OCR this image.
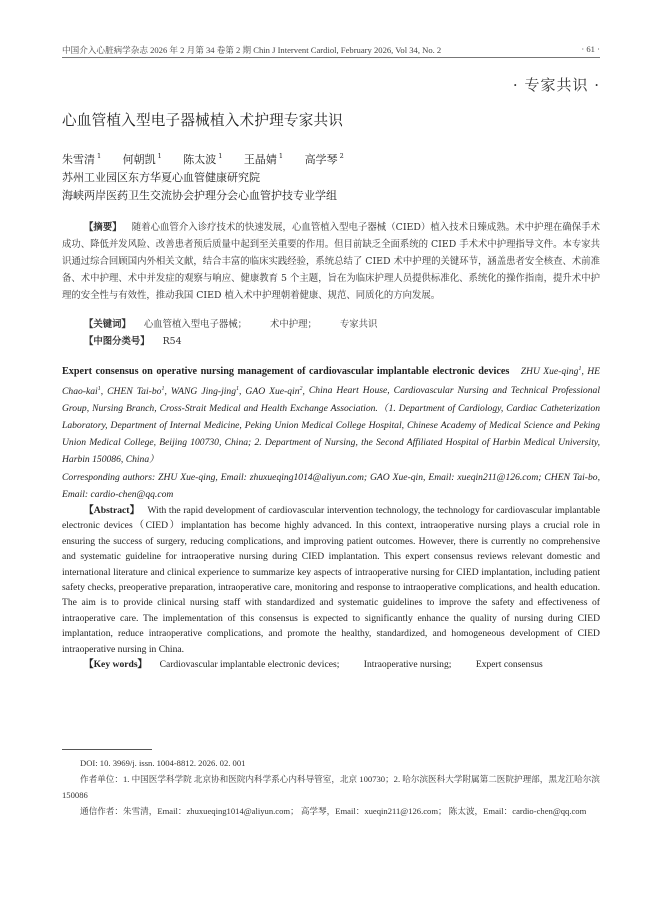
中国介入心脏病学杂志 2026 年 2 月第 34 卷第 2 期 Chin J Intervent Cardiol, February 2026, Vol 34, No. 2	· 61 ·
· 专家共识 ·
心血管植入型电子器械植入术护理专家共识
朱雪清 $^1$ 何朝凯 $^1$ 陈太波 $^1$ 王晶婧 $^1$ 高学琴 $^2$
苏州工业园区东方华夏心血管健康研究院
海峡两岸医药卫生交流协会护理分会心血管护技专业学组
【摘要】 随着心血管介入诊疗技术的快速发展，心血管植入型电子器械（CIED）植入技术日臻成熟。术中护理在确保手术成功、降低并发风险、改善患者预后质量中起到至关重要的作用。但目前缺乏全面系统的 CIED 手术术中护理指导文件。本专家共识通过综合回顾国内外相关文献，结合丰富的临床实践经验，系统总结了 CIED 术中护理的关键环节，涵盖患者安全核查、术前准备、术中护理、术中并发症的观察与响应、健康教育 5 个主题，旨在为临床护理人员提供标准化、系统化的操作指南，提升术中护理的安全性与有效性，推动我国 CIED 植入术中护理朝着健康、规范、同质化的方向发展。
【关键词】 心血管植入型电子器械； 术中护理； 专家共识
【中图分类号】 R54
Expert consensus on operative nursing management of cardiovascular implantable electronic devices ZHU Xue-qing$^1$, HE Chao-kai$^1$, CHEN Tai-$bo^1$, WANG Jing-jing$^1$, GAO Xue-qin$^2$, China Heart House, Cardiovascular Nursing and Technical Professional Group, Nursing Branch, Cross-Strait Medical and Health Exchange Association.（1. Department of Cardiology, Cardiac Catheterization Laboratory, Department of Internal Medicine, Peking Union Medical College Hospital, Chinese Academy of Medical Science and Peking Union Medical College, Beijing 100730, China; 2. Department of Nursing, the Second Affiliated Hospital of Harbin Medical University, Harbin 150086, China）
Corresponding authors: ZHU Xue-qing, Email: zhuxueqing1014@aliyun.com; GAO Xue-qin, Email: xueqin211@126.com; CHEN Tai-bo, Email: cardio-chen@qq.com
【Abstract】 With the rapid development of cardiovascular intervention technology, the technology for cardiovascular implantable electronic devices（CIED）implantation has become highly advanced. In this context, intraoperative nursing plays a crucial role in ensuring the success of surgery, reducing complications, and improving patient outcomes. However, there is currently no comprehensive and systematic guideline for intraoperative nursing during CIED implantation. This expert consensus reviews relevant domestic and international literature and clinical experience to summarize key aspects of intraoperative nursing for CIED implantation, including patient safety checks, preoperative preparation, intraoperative care, monitoring and response to intraoperative complications, and health education. The aim is to provide clinical nursing staff with standardized and systematic guidelines to improve the safety and effectiveness of intraoperative care. The implementation of this consensus is expected to significantly enhance the quality of nursing during CIED implantation, reduce intraoperative complications, and promote the healthy, standardized, and homogeneous development of CIED intraoperative nursing in China.
【Key words】 Cardiovascular implantable electronic devices;	Intraoperative nursing;	Expert consensus
DOI: 10. 3969/j. issn. 1004-8812. 2026. 02. 001
作者单位：1. 中国医学科学院 北京协和医院内科学系心内科导管室，北京 100730；2. 哈尔滨医科大学附属第二医院护理部，黑龙江哈尔滨 150086
通信作者：朱雪清，Email：zhuxueqing1014@aliyun.com； 高学琴，Email：xueqin211@126.com； 陈太波，Email：cardio-chen@qq.com
